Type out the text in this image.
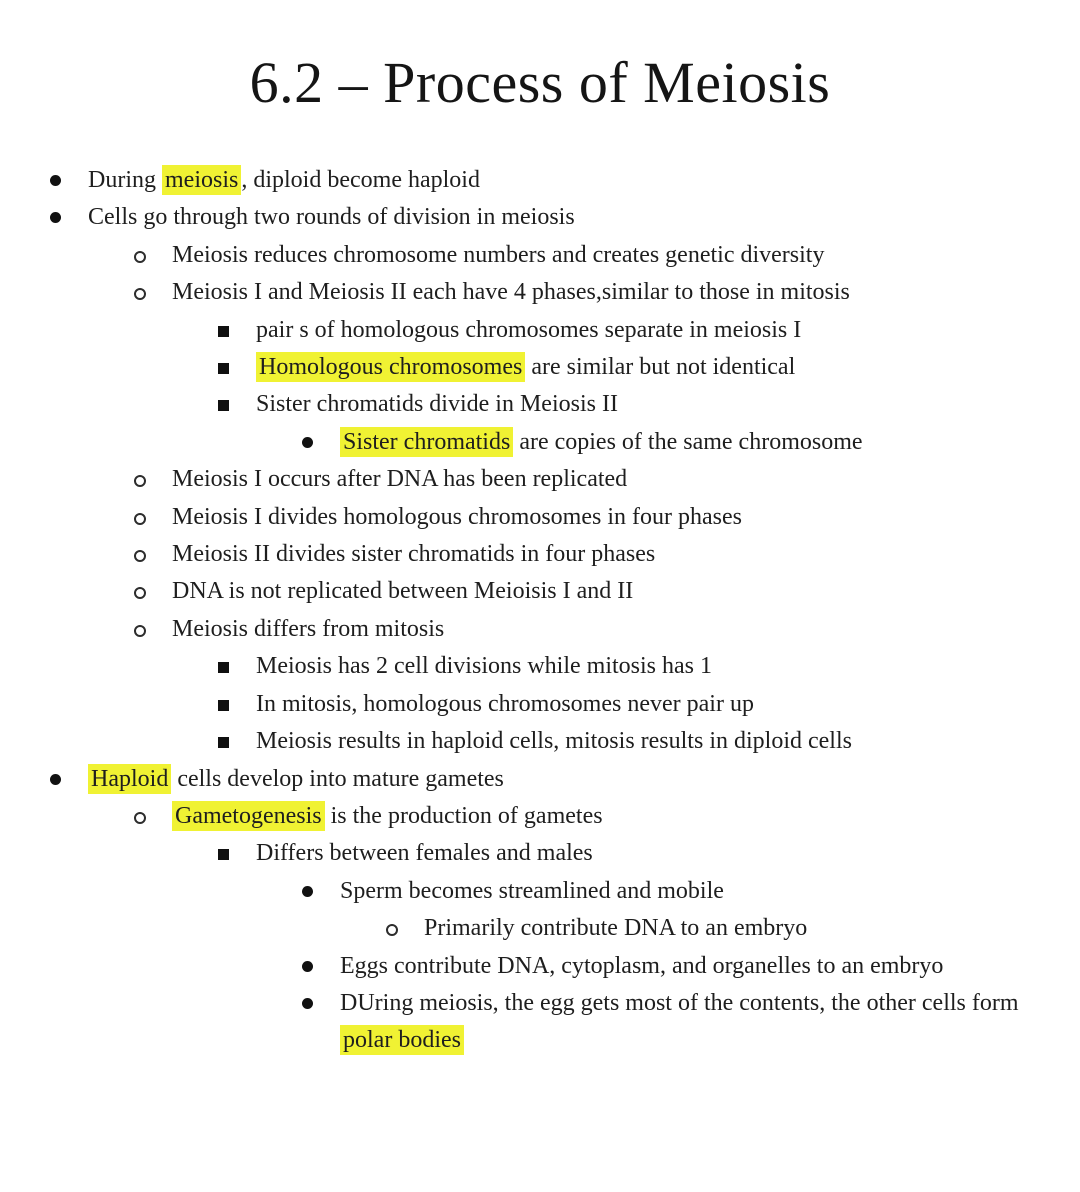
6.2 – Process of Meiosis
During meiosis , diploid become haploid
Cells go through two rounds of division in meiosis
Meiosis reduces chromosome numbers and creates genetic diversity
Meiosis I and Meiosis II each have 4 phases,similar to those in mitosis
pair s of homologous chromosomes separate in meiosis I
Homologous chromosomes are similar but not identical
Sister chromatids divide in Meiosis II
Sister chromatids are copies of the same chromosome
Meiosis I occurs after DNA has been replicated
Meiosis I divides homologous chromosomes in four phases
Meiosis II divides sister chromatids in four phases
DNA is not replicated between Meioisis I and II
Meiosis differs from mitosis
Meiosis has 2 cell divisions while mitosis has 1
In mitosis, homologous chromosomes never pair up
Meiosis results in haploid cells, mitosis results in diploid cells
Haploid cells develop into mature gametes
Gametogenesis is the production of gametes
Differs between females and males
Sperm becomes streamlined and mobile
Primarily contribute DNA to an embryo
Eggs contribute DNA, cytoplasm, and organelles to an embryo
DUring meiosis, the egg gets most of the contents, the other cells form polar bodies
